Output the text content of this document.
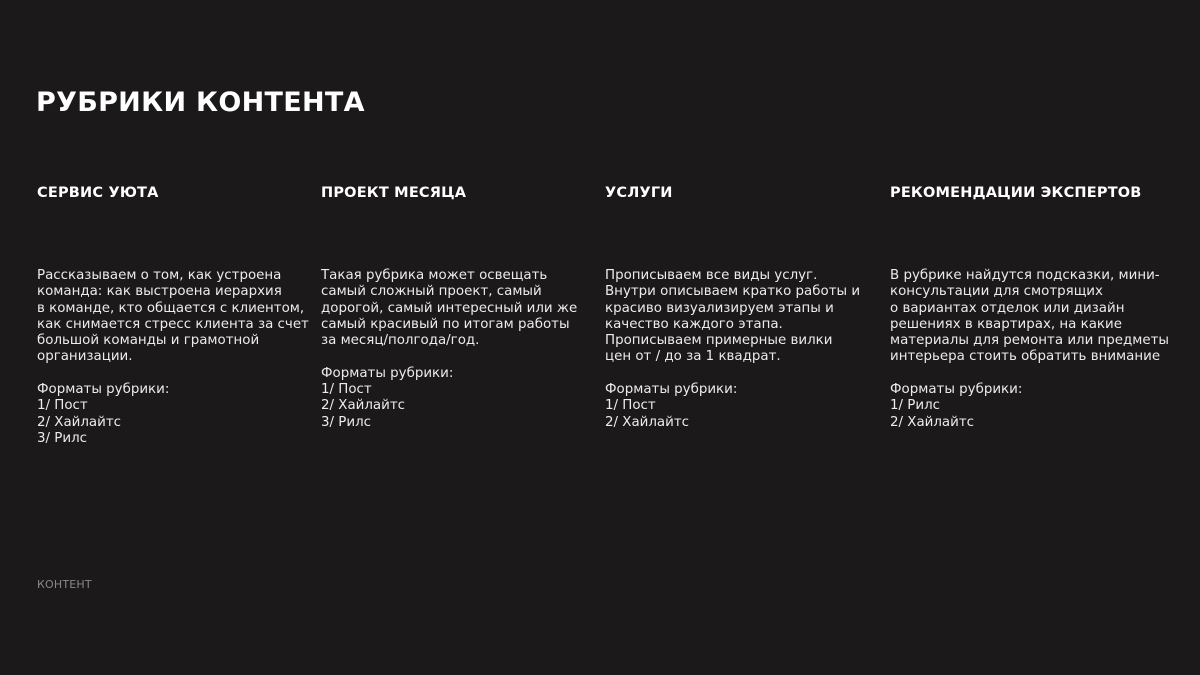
РУБРИКИ КОНТЕНТА
СЕРВИС УЮТА
Рассказываем о том, как устроена
команда: как выстроена иерархия
в команде, кто общается с клиентом,
как снимается стресс клиента за счет
большой команды и грамотной
организации.
Форматы рубрики:
1/ Пост
2/ Хайлайтс
3/ Рилс
ПРОЕКТ МЕСЯЦА
Такая рубрика может освещать
самый сложный проект, самый
дорогой, самый интересный или же
самый красивый по итогам работы
за месяц/полгода/год.
Форматы рубрики:
1/ Пост
2/ Хайлайтс
3/ Рилс
УСЛУГИ
Прописываем все виды услуг.
Внутри описываем кратко работы и
красиво визуализируем этапы и
качество каждого этапа.
Прописываем примерные вилки
цен от / до за 1 квадрат.
Форматы рубрики:
1/ Пост
2/ Хайлайтс
РЕКОМЕНДАЦИИ ЭКСПЕРТОВ
В рубрике найдутся подсказки, мини-
консультации для смотрящих
о вариантах отделок или дизайн
решениях в квартирах, на какие
материалы для ремонта или предметы
интерьера стоить обратить внимание
Форматы рубрики:
1/ Рилс
2/ Хайлайтс
КОНТЕНТ
